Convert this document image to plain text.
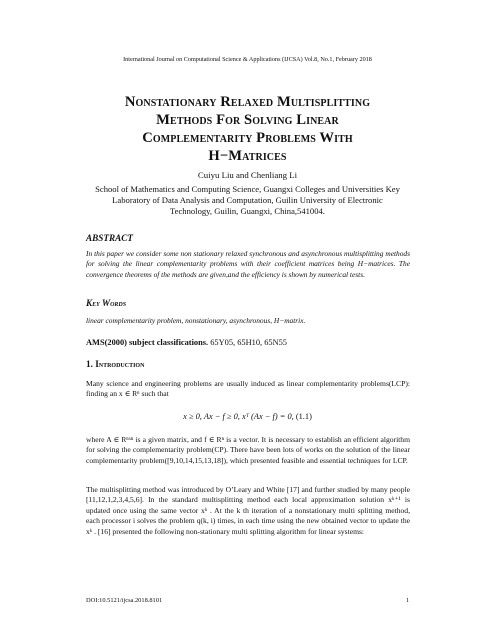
International Journal on Computational Science & Applications (IJCSA) Vol.8, No.1, February 2018
Nonstationary Relaxed Multisplitting
Methods For Solving Linear
Complementarity Problems With
H−Matrices
Cuiyu Liu and Chenliang Li
School of Mathematics and Computing Science, Guangxi Colleges and Universities Key
Laboratory of Data Analysis and Computation, Guilin University of Electronic
Technology, Guilin, Guangxi, China,541004.
ABSTRACT
In this paper we consider some non stationary relaxed synchronous and asynchronous multisplitting methods for solving the linear complementarity problems with their coefficient matrices being H−matrices. The convergence theorems of the methods are given,and the efficiency is shown by numerical tests.
Key Words
linear complementarity problem, nonstationary, asynchronous, H−matrix.
AMS(2000) subject classifications. 65Y05, 65H10, 65N55
1. Introduction
Many science and engineering problems are usually induced as linear complementarity problems(LCP): finding an x ∈ Rⁿ such that
x ≥ 0, Ax − f ≥ 0, xᵀ (Ax − f) = 0, (1.1)
where A ∈ Rⁿˣⁿ is a given matrix, and f ∈ Rⁿ is a vector. It is necessary to establish an efficient algorithm for solving the complementarity problem(CP). There have been lots of works on the solution of the linear complementarity problem([9,10,14,15,13,18]), which presented feasible and essential techniques for LCP.
The multisplitting method was introduced by O’Leary and White [17] and further studied by many people [11,12,1,2,3,4,5,6]. In the standard multisplitting method each local approximation solution xᵏ⁺¹ is updated once using the same vector xᵏ . At the k th iteration of a nonstationary multi splitting method, each processor i solves the problem q(k, i) times, in each time using the new obtained vector to update the xᵏ . [16] presented the following non-stationary multi splitting algorithm for linear systems:
DOI:10.5121/ijcsa.2018.8101	1
